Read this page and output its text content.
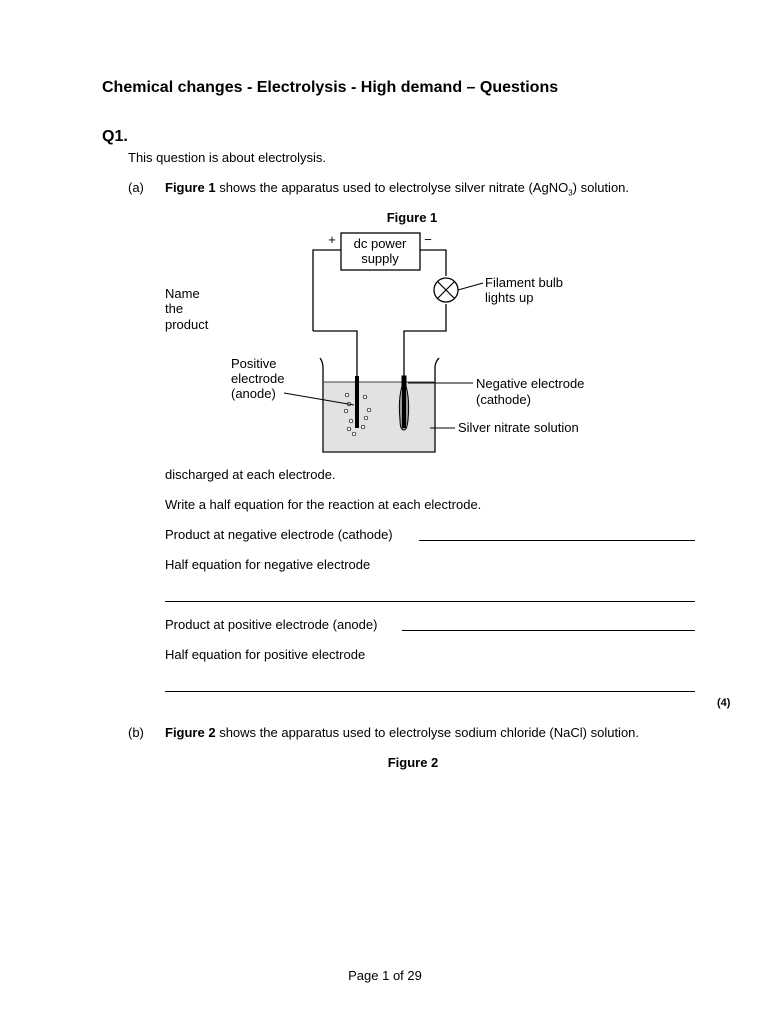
Chemical changes - Electrolysis - High demand – Questions
Q1.
This question is about electrolysis.
(a) Figure 1 shows the apparatus used to electrolyse silver nitrate (AgNO$_3$) solution.
Figure 1
Name
the
product
dc power
supply
+	−
Filament bulb
lights up
Positive
electrode
(anode)
Negative electrode
(cathode)
Silver nitrate solution
discharged at each electrode.
Write a half equation for the reaction at each electrode.
Product at negative electrode (cathode)
Half equation for negative electrode
Product at positive electrode (anode)
Half equation for positive electrode
(4)
(b) Figure 2 shows the apparatus used to electrolyse sodium chloride (NaCl) solution.
Figure 2
Page 1 of 29
